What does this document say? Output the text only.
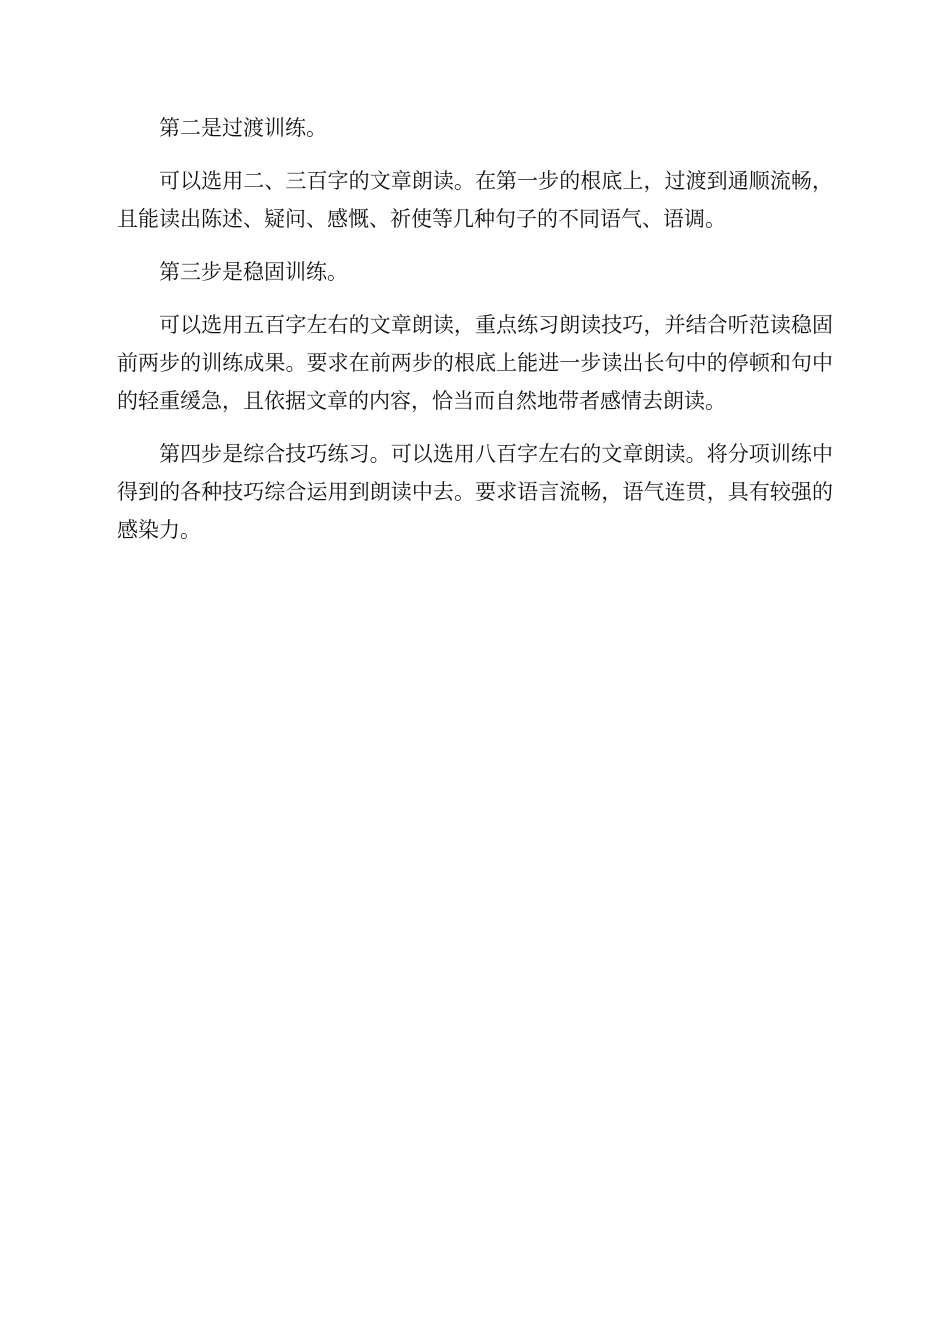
第二是过渡训练。

可以选用二、三百字的文章朗读。在第一步的根底上，过渡到通顺流畅，且能读出陈述、疑问、感慨、祈使等几种句子的不同语气、语调。

第三步是稳固训练。

可以选用五百字左右的文章朗读，重点练习朗读技巧，并结合听范读稳固前两步的训练成果。要求在前两步的根底上能进一步读出长句中的停顿和句中的轻重缓急，且依据文章的内容，恰当而自然地带者感情去朗读。

第四步是综合技巧练习。可以选用八百字左右的文章朗读。将分项训练中得到的各种技巧综合运用到朗读中去。要求语言流畅，语气连贯，具有较强的感染力。
